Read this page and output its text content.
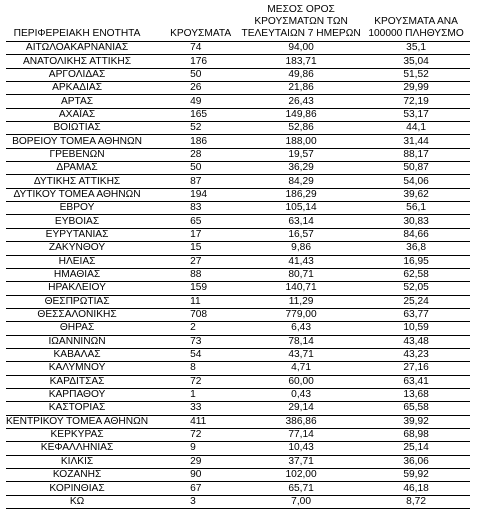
ΠΕΡΙΦΕΡΕΙΑΚΗ ΕΝΟΤΗΤΑ	ΚΡΟΥΣΜΑΤΑ	ΜΕΣΟΣ ΟΡΟΣ ΚΡΟΥΣΜΑΤΩΝ ΤΩΝ ΤΕΛΕΥΤΑΙΩΝ 7 ΗΜΕΡΩΝ	ΚΡΟΥΣΜΑΤΑ ΑΝΑ 100000 ΠΛΗΘΥΣΜΟ
ΑΙΤΩΛΟΑΚΑΡΝΑΝΙΑΣ	74	94,00	35,1
ΑΝΑΤΟΛΙΚΗΣ ΑΤΤΙΚΗΣ	176	183,71	35,04
ΑΡΓΟΛΙΔΑΣ	50	49,86	51,52
ΑΡΚΑΔΙΑΣ	26	21,86	29,99
ΑΡΤΑΣ	49	26,43	72,19
ΑΧΑΪΑΣ	165	149,86	53,17
ΒΟΙΩΤΙΑΣ	52	52,86	44,1
ΒΟΡΕΙΟΥ ΤΟΜΕΑ ΑΘΗΝΩΝ	186	188,00	31,44
ΓΡΕΒΕΝΩΝ	28	19,57	88,17
ΔΡΑΜΑΣ	50	36,29	50,87
ΔΥΤΙΚΗΣ ΑΤΤΙΚΗΣ	87	84,29	54,06
ΔΥΤΙΚΟΥ ΤΟΜΕΑ ΑΘΗΝΩΝ	194	186,29	39,62
ΕΒΡΟΥ	83	105,14	56,1
ΕΥΒΟΙΑΣ	65	63,14	30,83
ΕΥΡΥΤΑΝΙΑΣ	17	16,57	84,66
ΖΑΚΥΝΘΟΥ	15	9,86	36,8
ΗΛΕΙΑΣ	27	41,43	16,95
ΗΜΑΘΙΑΣ	88	80,71	62,58
ΗΡΑΚΛΕΙΟΥ	159	140,71	52,05
ΘΕΣΠΡΩΤΙΑΣ	11	11,29	25,24
ΘΕΣΣΑΛΟΝΙΚΗΣ	708	779,00	63,77
ΘΗΡΑΣ	2	6,43	10,59
ΙΩΑΝΝΙΝΩΝ	73	78,14	43,48
ΚΑΒΑΛΑΣ	54	43,71	43,23
ΚΑΛΥΜΝΟΥ	8	4,71	27,16
ΚΑΡΔΙΤΣΑΣ	72	60,00	63,41
ΚΑΡΠΑΘΟΥ	1	0,43	13,68
ΚΑΣΤΟΡΙΑΣ	33	29,14	65,58
ΚΕΝΤΡΙΚΟΥ ΤΟΜΕΑ ΑΘΗΝΩΝ	411	386,86	39,92
ΚΕΡΚΥΡΑΣ	72	77,14	68,98
ΚΕΦΑΛΛΗΝΙΑΣ	9	10,43	25,14
ΚΙΛΚΙΣ	29	37,71	36,06
ΚΟΖΑΝΗΣ	90	102,00	59,92
ΚΟΡΙΝΘΙΑΣ	67	65,71	46,18
ΚΩ	3	7,00	8,72
